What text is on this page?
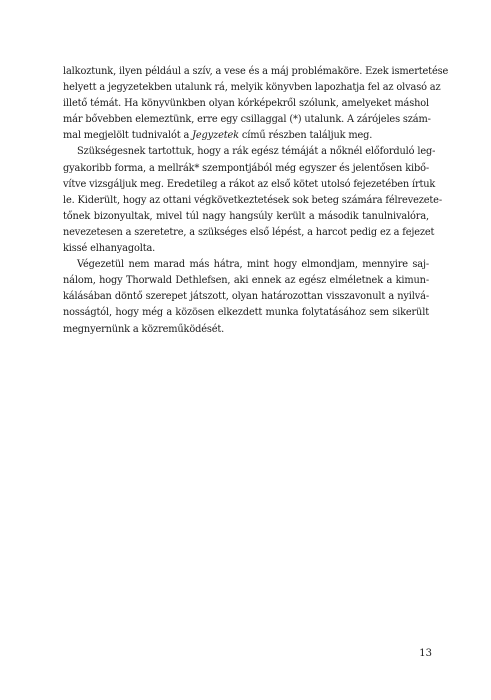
lalkoztunk, ilyen például a szív, a vese és a máj problémaköre. Ezek ismertetése
helyett a jegyzetekben utalunk rá, melyik könyvben lapozhatja fel az olvasó az
illető témát. Ha könyvünkben olyan kórképekről szólunk, amelyeket máshol
már bővebben elemeztünk, erre egy csillaggal (*) utalunk. A zárójeles szám-
mal megjelölt tudnivalót a Jegyzetek című részben találjuk meg.

Szükségesnek tartottuk, hogy a rák egész témáját a nőknél előforduló leg-
gyakoribb forma, a mellrák* szempontjából még egyszer és jelentősen kibő-
vítve vizsgáljuk meg. Eredetileg a rákot az első kötet utolsó fejezetében írtuk
le. Kiderült, hogy az ottani végkövetkeztetések sok beteg számára félrevezete-
tőnek bizonyultak, mivel túl nagy hangsúly került a második tanulnivalóra,
nevezetesen a szeretetre, a szükséges első lépést, a harcot pedig ez a fejezet
kissé elhanyagolta.

Végezetül nem marad más hátra, mint hogy elmondjam, mennyire saj-
nálom, hogy Thorwald Dethlefsen, aki ennek az egész elméletnek a kimun-
kálásában döntő szerepet játszott, olyan határozottan visszavonult a nyilvá-
nosságtól, hogy még a közösen elkezdett munka folytatásához sem sikerült
megnyernünk a közreműködését.

13
